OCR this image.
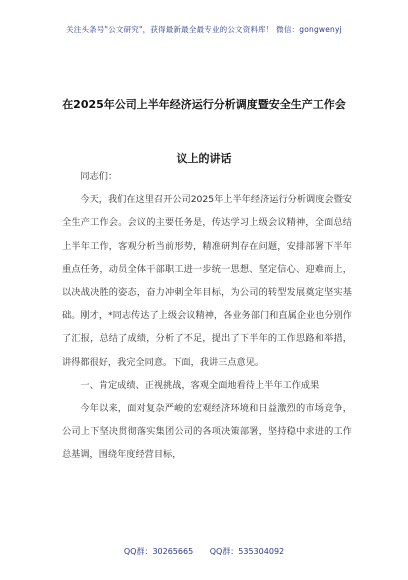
关注头条号"公文研究"，获得最新最全最专业的公文资料库！ 微信：gongwenyj
在2025年公司上半年经济运行分析调度暨安全生产工作会
议上的讲话

同志们：

今天，我们在这里召开公司2025年上半年经济运行分析调度会暨安全生产工作会。会议的主要任务是，传达学习上级会议精神，全面总结上半年工作，客观分析当前形势，精准研判存在问题，安排部署下半年重点任务，动员全体干部职工进一步统一思想、坚定信心、迎难而上，以决战决胜的姿态，奋力冲刺全年目标，为公司的转型发展奠定坚实基础。刚才，*同志传达了上级会议精神，各业务部门和直属企业也分别作了汇报，总结了成绩，分析了不足，提出了下半年的工作思路和举措，讲得都很好，我完全同意。下面，我讲三点意见。

一、肯定成绩、正视挑战，客观全面地看待上半年工作成果

今年以来，面对复杂严峻的宏观经济环境和日益激烈的市场竞争，公司上下坚决贯彻落实集团公司的各项决策部署，坚持稳中求进的工作总基调，围绕年度经营目标，

QQ群：30265665 QQ群：535304092
